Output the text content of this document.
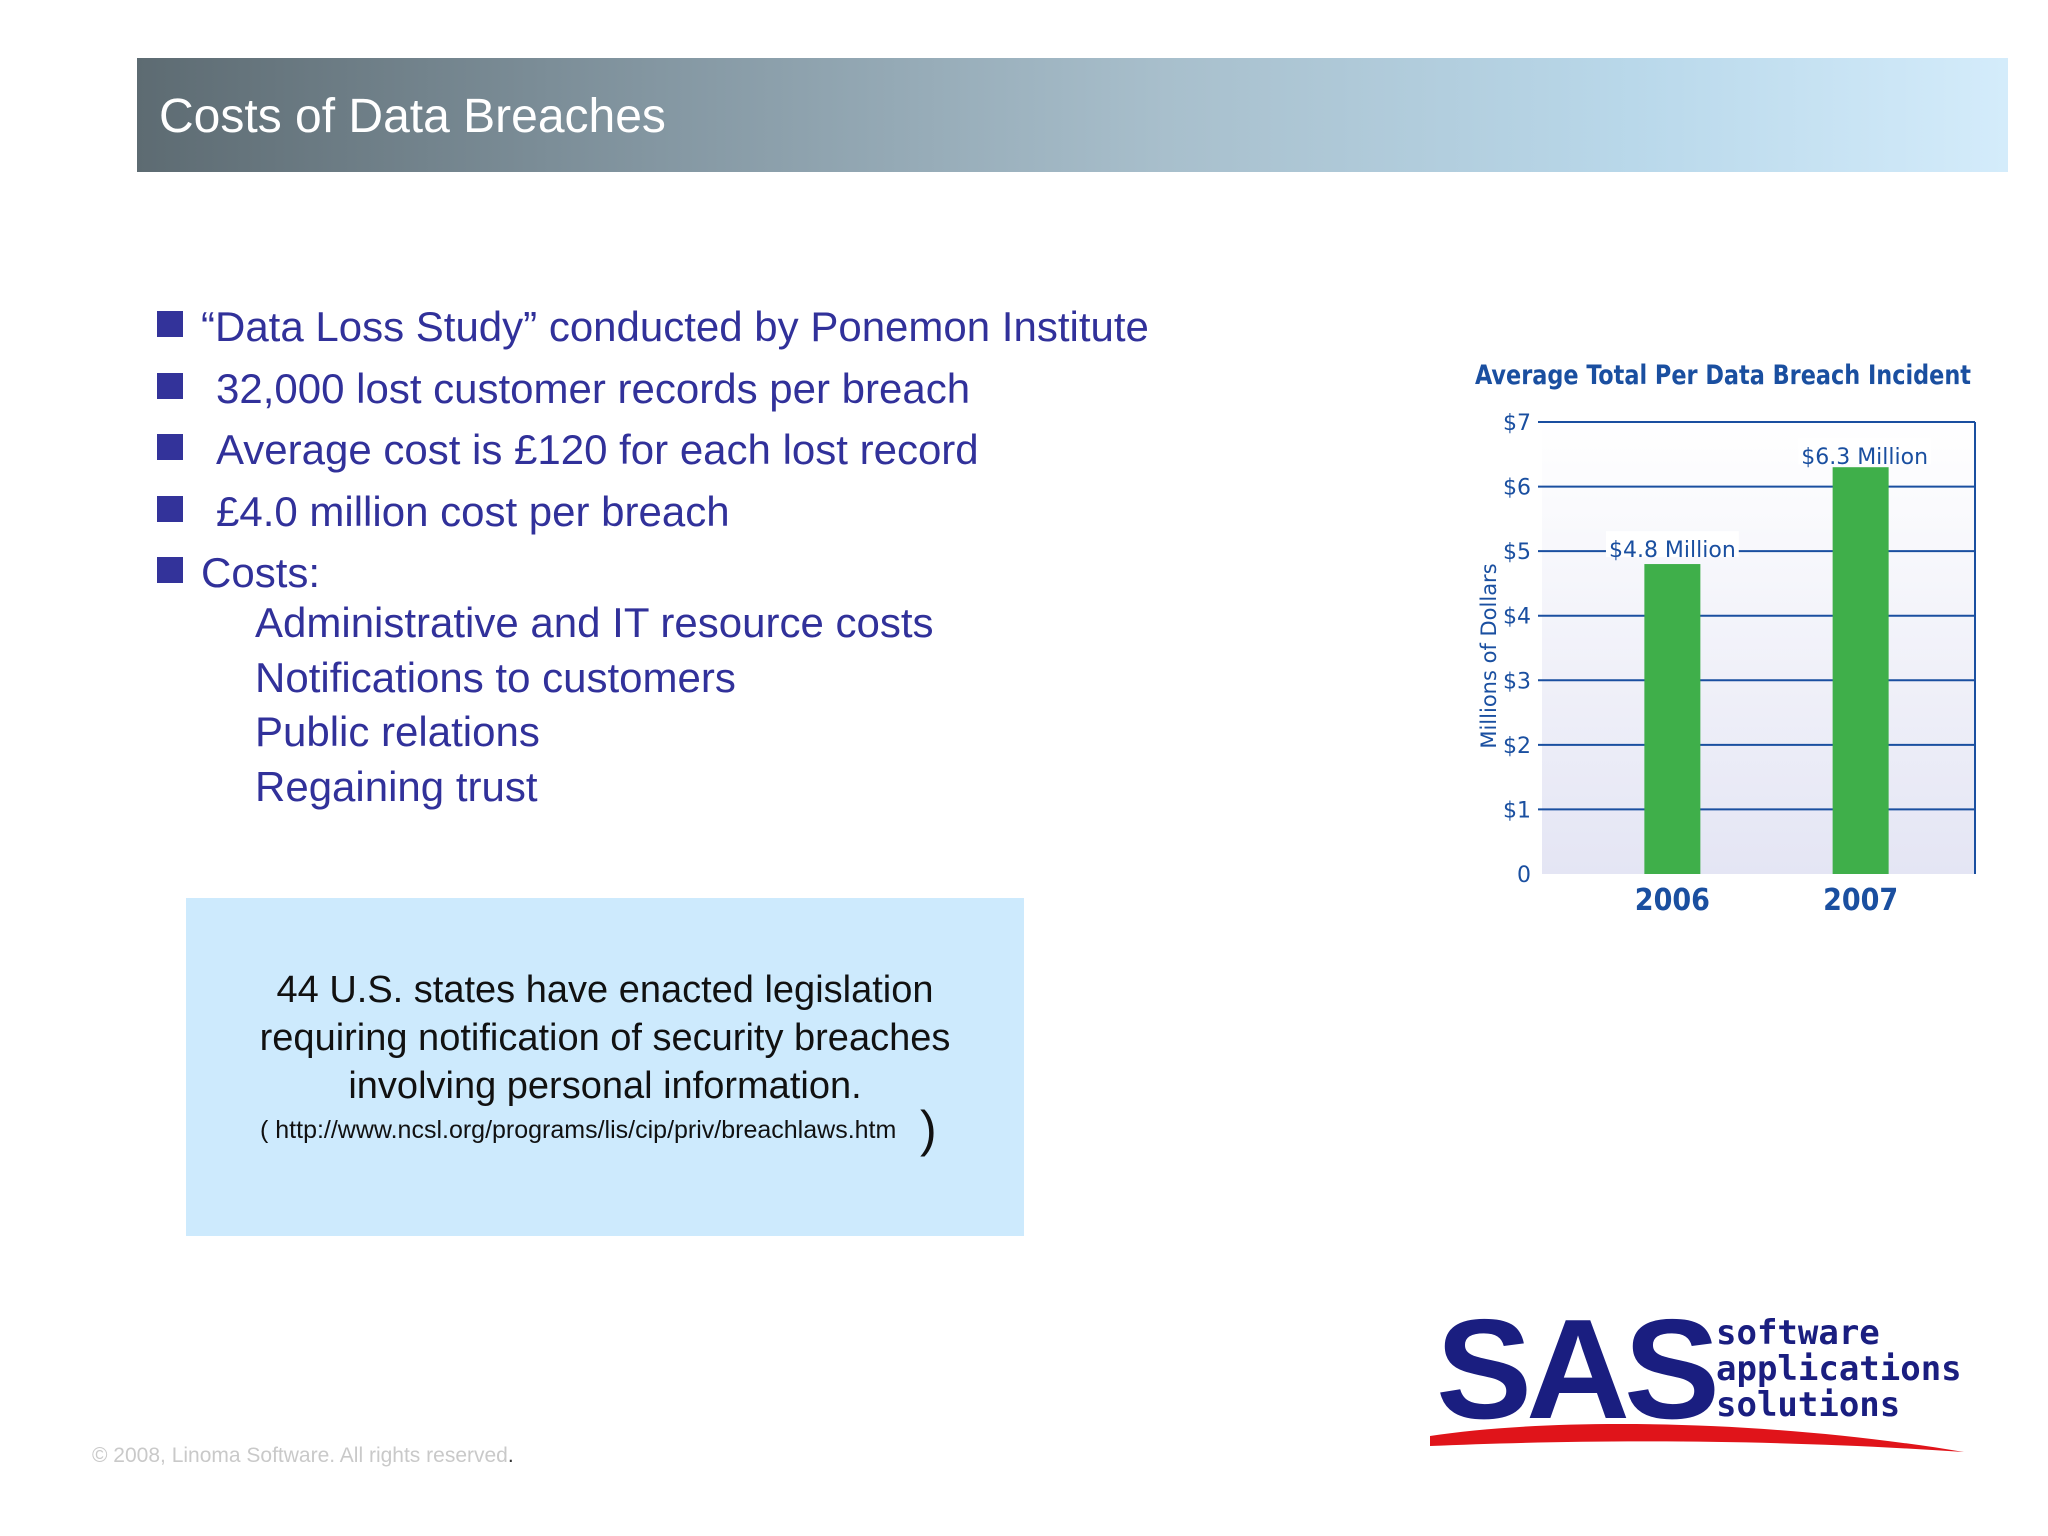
Costs of Data Breaches
“Data Loss Study” conducted by Ponemon Institute
32,000 lost customer records per breach
Average cost is £120 for each lost record
£4.0 million cost per breach
Costs:
Administrative and IT resource costs
Notifications to customers
Public relations
Regaining trust
44 U.S. states have enacted legislation
requiring notification of security breaches
involving personal information.
( http://www.ncsl.org/programs/lis/cip/priv/breachlaws.htm )
Average Total Per Data Breach Incident
Millions of Dollars
0
$1
$2
$3
$4
$5
$6
$7
2006	2007
$4.8 Million
$6.3 Million
SAS software
applications
solutions
© 2008, Linoma Software. All rights reserved.
